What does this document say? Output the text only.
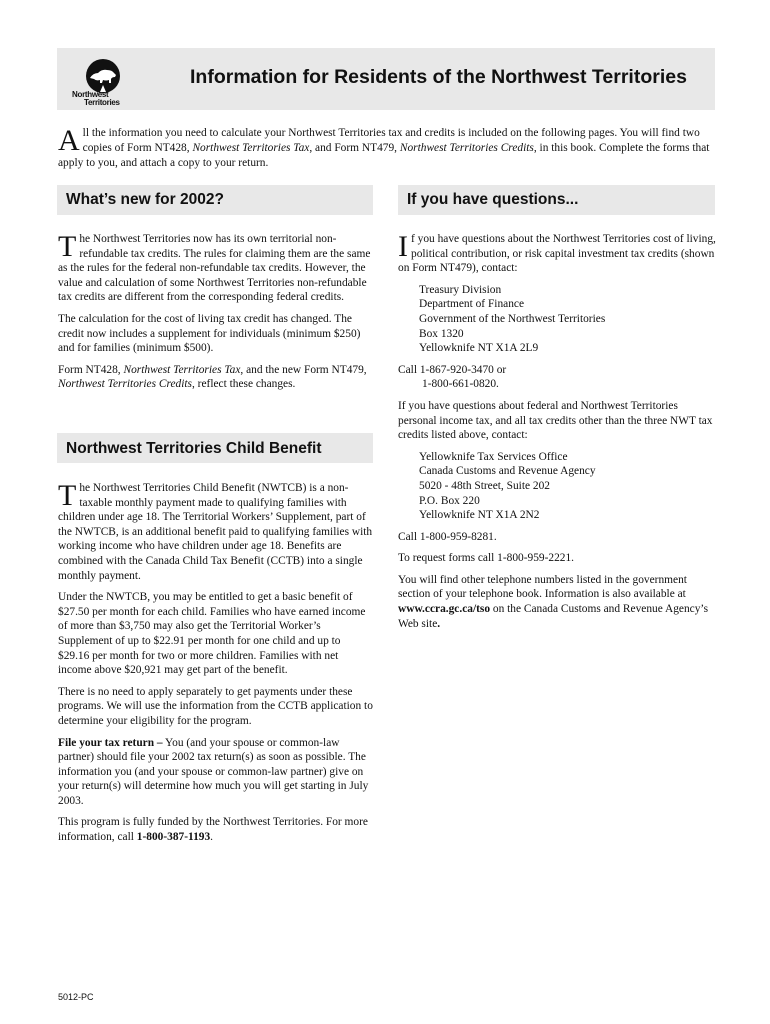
Northwest
Territories
Information for Residents of the Northwest Territories
All the information you need to calculate your Northwest Territories tax and credits is included on the following pages. You will find two copies of Form NT428, Northwest Territories Tax, and Form NT479, Northwest Territories Credits, in this book. Complete the forms that apply to you, and attach a copy to your return.
What’s new for 2002?

The Northwest Territories now has its own territorial non-refundable tax credits. The rules for claiming them are the same as the rules for the federal non-refundable tax credits. However, the value and calculation of some Northwest Territories non-refundable tax credits are different from the corresponding federal credits.

The calculation for the cost of living tax credit has changed. The credit now includes a supplement for individuals (minimum $250) and for families (minimum $500).

Form NT428, Northwest Territories Tax, and the new Form NT479, Northwest Territories Credits, reflect these changes.

Northwest Territories Child Benefit

The Northwest Territories Child Benefit (NWTCB) is a non-taxable monthly payment made to qualifying families with children under age 18. The Territorial Workers’ Supplement, part of the NWTCB, is an additional benefit paid to qualifying families with working income who have children under age 18. Benefits are combined with the Canada Child Tax Benefit (CCTB) into a single monthly payment.

Under the NWTCB, you may be entitled to get a basic benefit of $27.50 per month for each child. Families who have earned income of more than $3,750 may also get the Territorial Worker’s Supplement of up to $22.91 per month for one child and up to $29.16 per month for two or more children. Families with net income above $20,921 may get part of the benefit.

There is no need to apply separately to get payments under these programs. We will use the information from the CCTB application to determine your eligibility for the program.

File your tax return – You (and your spouse or common-law partner) should file your 2002 tax return(s) as soon as possible. The information you (and your spouse or common-law partner) give on your return(s) will determine how much you will get starting in July 2003.

This program is fully funded by the Northwest Territories. For more information, call 1-800-387-1193.

If you have questions...

If you have questions about the Northwest Territories cost of living, political contribution, or risk capital investment tax credits (shown on Form NT479), contact:

Treasury Division
Department of Finance
Government of the Northwest Territories
Box 1320
Yellowknife NT X1A 2L9

Call 1-867-920-3470 or
1-800-661-0820.

If you have questions about federal and Northwest Territories personal income tax, and all tax credits other than the three NWT tax credits listed above, contact:

Yellowknife Tax Services Office
Canada Customs and Revenue Agency
5020 - 48th Street, Suite 202
P.O. Box 220
Yellowknife NT X1A 2N2

Call 1-800-959-8281.

To request forms call 1-800-959-2221.

You will find other telephone numbers listed in the government section of your telephone book. Information is also available at www.ccra.gc.ca/tso on the Canada Customs and Revenue Agency’s Web site.

5012-PC
